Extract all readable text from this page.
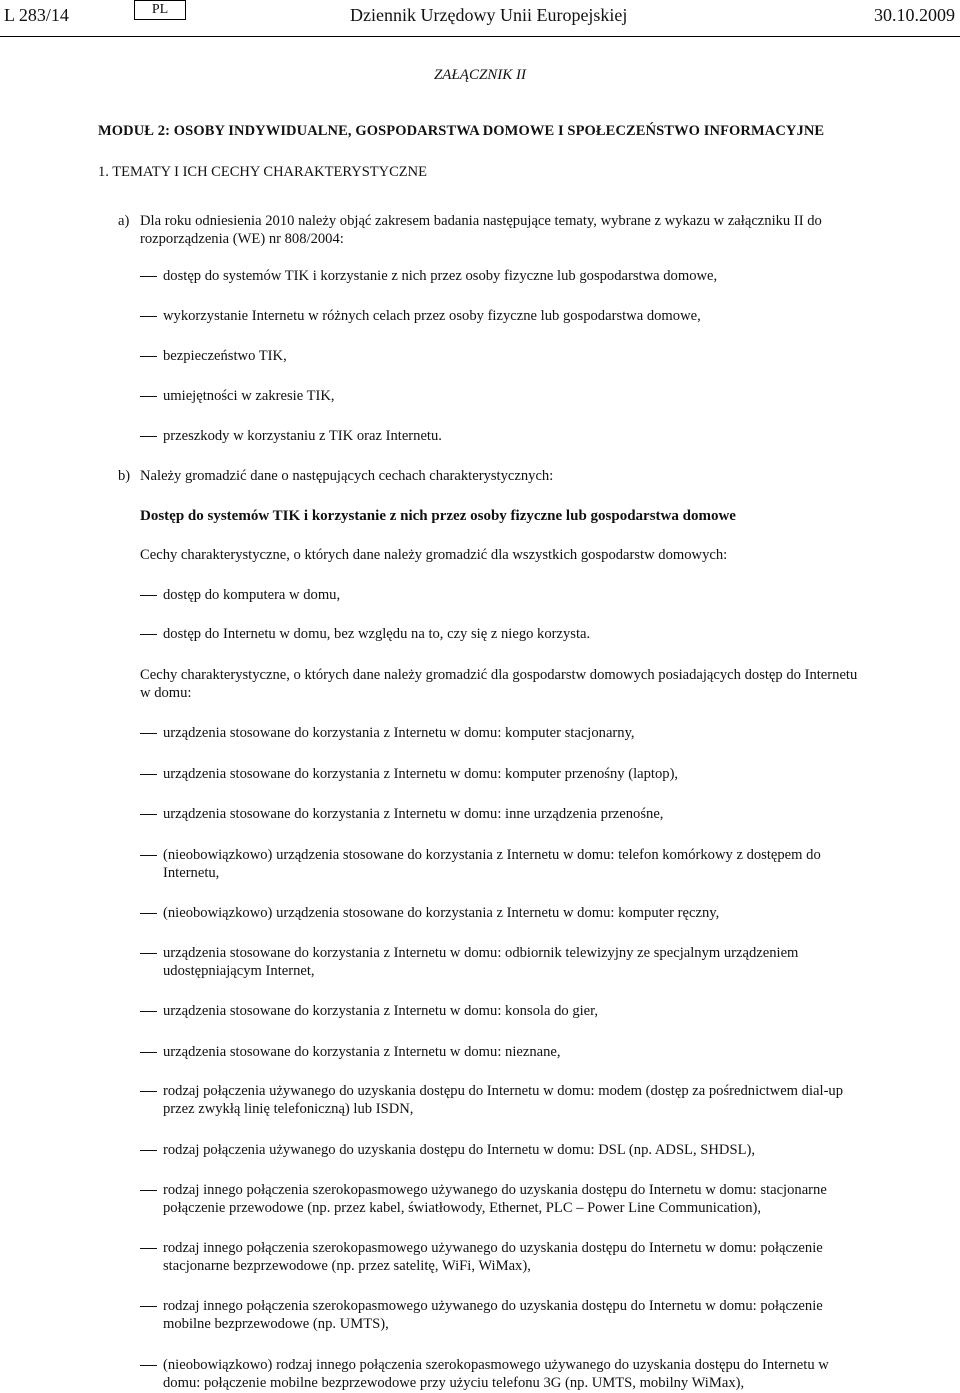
L 283/14	PL	Dziennik Urzędowy Unii Europejskiej	30.10.2009
ZAŁĄCZNIK II
MODUŁ 2: OSOBY INDYWIDUALNE, GOSPODARSTWA DOMOWE I SPOŁECZEŃSTWO INFORMACYJNE
1. TEMATY I ICH CECHY CHARAKTERYSTYCZNE
a) Dla roku odniesienia 2010 należy objąć zakresem badania następujące tematy, wybrane z wykazu w załączniku II do rozporządzenia (WE) nr 808/2004:
dostęp do systemów TIK i korzystanie z nich przez osoby fizyczne lub gospodarstwa domowe,
wykorzystanie Internetu w różnych celach przez osoby fizyczne lub gospodarstwa domowe,
bezpieczeństwo TIK,
umiejętności w zakresie TIK,
przeszkody w korzystaniu z TIK oraz Internetu.
b) Należy gromadzić dane o następujących cechach charakterystycznych:
Dostęp do systemów TIK i korzystanie z nich przez osoby fizyczne lub gospodarstwa domowe
Cechy charakterystyczne, o których dane należy gromadzić dla wszystkich gospodarstw domowych:
dostęp do komputera w domu,
dostęp do Internetu w domu, bez względu na to, czy się z niego korzysta.
Cechy charakterystyczne, o których dane należy gromadzić dla gospodarstw domowych posiadających dostęp do Internetu w domu:
urządzenia stosowane do korzystania z Internetu w domu: komputer stacjonarny,
urządzenia stosowane do korzystania z Internetu w domu: komputer przenośny (laptop),
urządzenia stosowane do korzystania z Internetu w domu: inne urządzenia przenośne,
(nieobowiązkowo) urządzenia stosowane do korzystania z Internetu w domu: telefon komórkowy z dostępem do Internetu,
(nieobowiązkowo) urządzenia stosowane do korzystania z Internetu w domu: komputer ręczny,
urządzenia stosowane do korzystania z Internetu w domu: odbiornik telewizyjny ze specjalnym urządzeniem udostępniającym Internet,
urządzenia stosowane do korzystania z Internetu w domu: konsola do gier,
urządzenia stosowane do korzystania z Internetu w domu: nieznane,
rodzaj połączenia używanego do uzyskania dostępu do Internetu w domu: modem (dostęp za pośrednictwem dial-up przez zwykłą linię telefoniczną) lub ISDN,
rodzaj połączenia używanego do uzyskania dostępu do Internetu w domu: DSL (np. ADSL, SHDSL),
rodzaj innego połączenia szerokopasmowego używanego do uzyskania dostępu do Internetu w domu: stacjonarne połączenie przewodowe (np. przez kabel, światłowody, Ethernet, PLC – Power Line Communication),
rodzaj innego połączenia szerokopasmowego używanego do uzyskania dostępu do Internetu w domu: połączenie stacjonarne bezprzewodowe (np. przez satelitę, WiFi, WiMax),
rodzaj innego połączenia szerokopasmowego używanego do uzyskania dostępu do Internetu w domu: połączenie mobilne bezprzewodowe (np. UMTS),
(nieobowiązkowo) rodzaj innego połączenia szerokopasmowego używanego do uzyskania dostępu do Internetu w domu: połączenie mobilne bezprzewodowe przy użyciu telefonu 3G (np. UMTS, mobilny WiMax),
